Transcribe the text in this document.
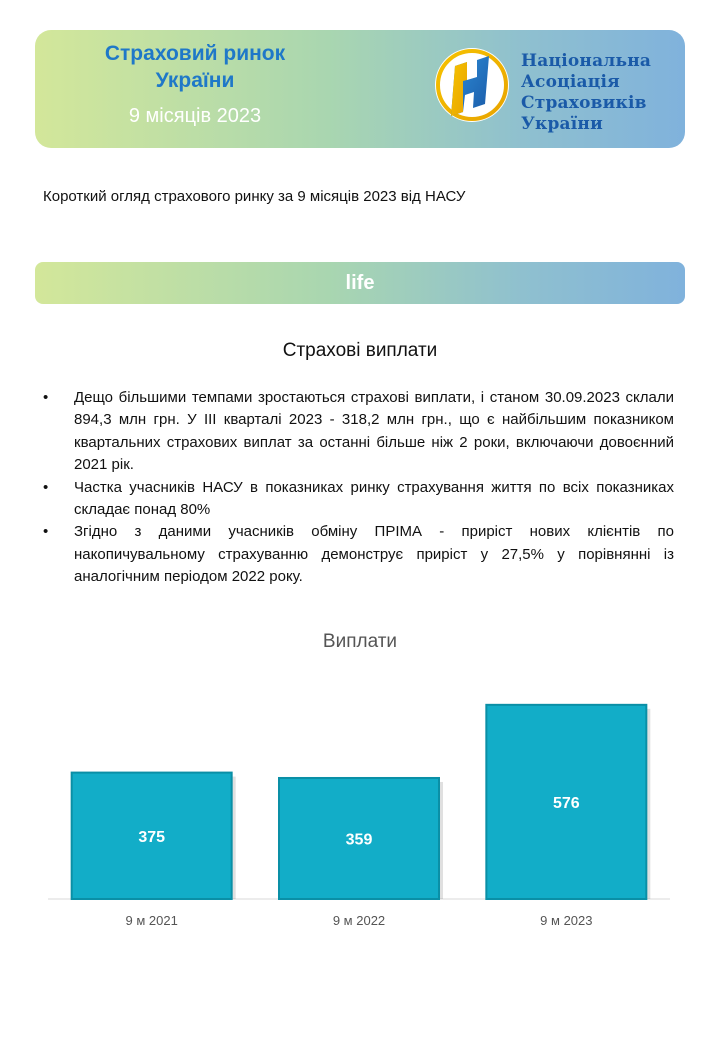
Страховий ринок
України
9 місяців 2023
Національна
Асоціація
Страховиків
України
Короткий огляд страхового ринку за 9 місяців 2023 від НАСУ
life
Страхові виплати
• Дещо більшими темпами зростаються страхові виплати, і станом 30.09.2023 склали 894,3 млн грн. У ІІІ кварталі 2023 - 318,2 млн грн., що є найбільшим показником квартальних страхових виплат за останні більше ніж 2 роки, включаючи довоєнний 2021 рік.
• Частка учасників НАСУ в показниках ринку страхування життя по всіх показниках складає понад 80%
• Згідно з даними учасників обміну ПРІМА - приріст нових клієнтів по накопичувальному страхуванню демонструє приріст у 27,5% у порівнянні із аналогічним періодом 2022 року.
Виплати
375
9 м 2021
359
9 м 2022
576
9 м 2023
